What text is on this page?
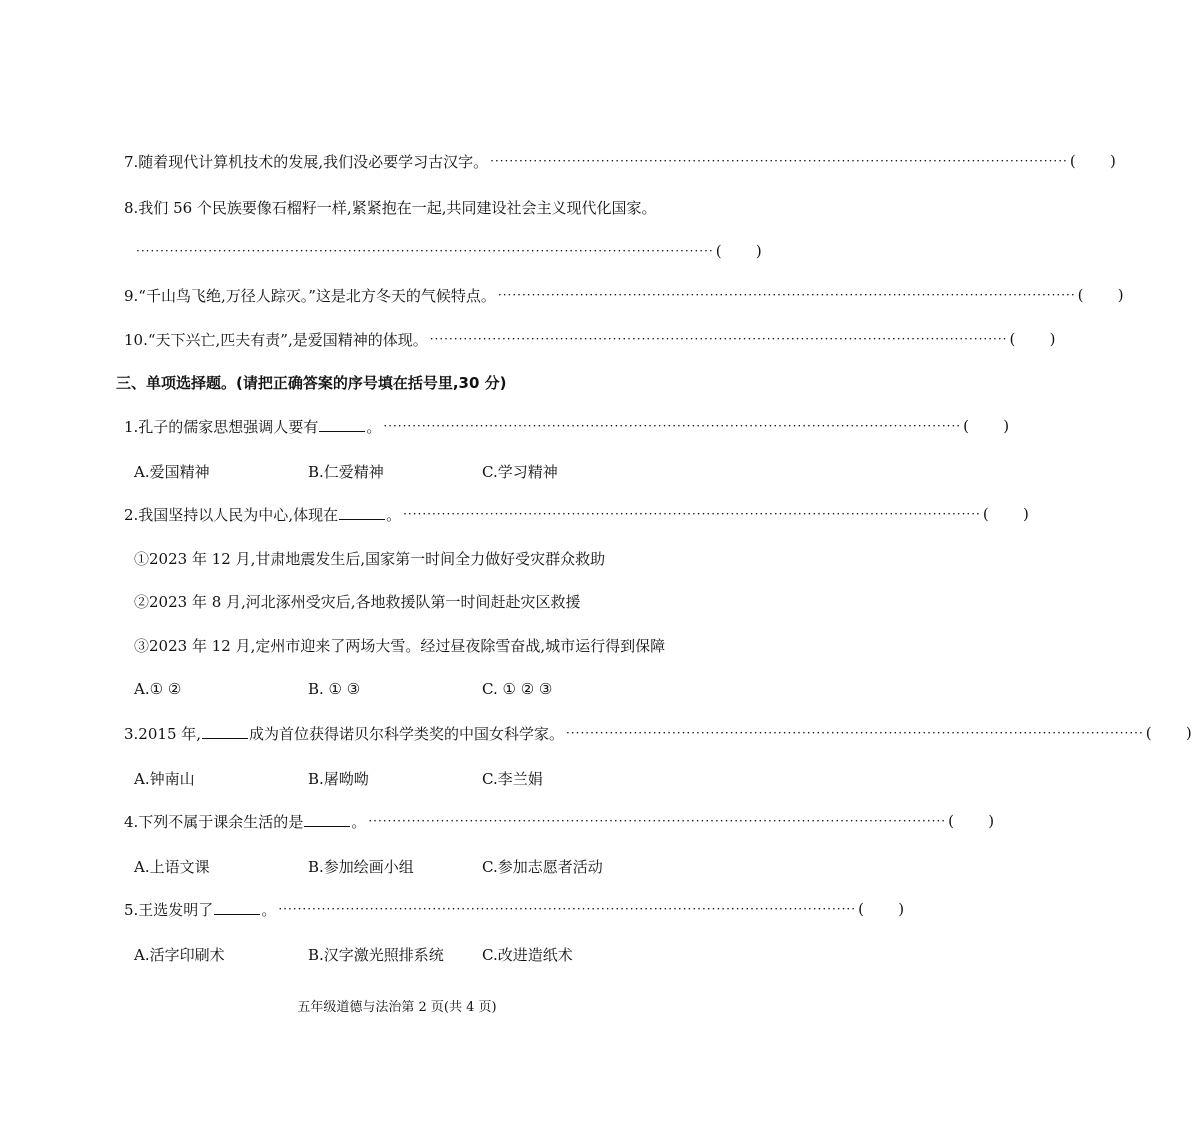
7.随着现代计算机技术的发展,我们没必要学习古汉字。 ························································································································ ( )
8.我们 56 个民族要像石榴籽一样,紧紧抱在一起,共同建设社会主义现代化国家。
························································································································ ( )
9.“千山鸟飞绝,万径人踪灭。”这是北方冬天的气候特点。 ························································································································ ( )
10.“天下兴亡,匹夫有责”,是爱国精神的体现。 ························································································································ ( )
三、单项选择题。(请把正确答案的序号填在括号里,30 分)
1.孔子的儒家思想强调人要有	。 ························································································································ ( )
A.爱国精神	B.仁爱精神	C.学习精神
2.我国坚持以人民为中心,体现在	。 ························································································································ ( )
①2023 年 12 月,甘肃地震发生后,国家第一时间全力做好受灾群众救助
②2023 年 8 月,河北涿州受灾后,各地救援队第一时间赶赴灾区救援
③2023 年 12 月,定州市迎来了两场大雪。经过昼夜除雪奋战,城市运行得到保障
A.① ②	B. ① ③	C. ① ② ③
3.2015 年,	成为首位获得诺贝尔科学类奖的中国女科学家。 ························································································································ ( )
A.钟南山	B.屠呦呦	C.李兰娟
4.下列不属于课余生活的是	。 ························································································································ ( )
A.上语文课	B.参加绘画小组	C.参加志愿者活动
5.王选发明了	。 ························································································································ ( )
A.活字印刷术	B.汉字激光照排系统	C.改进造纸术
五年级道德与法治第 2 页(共 4 页)
